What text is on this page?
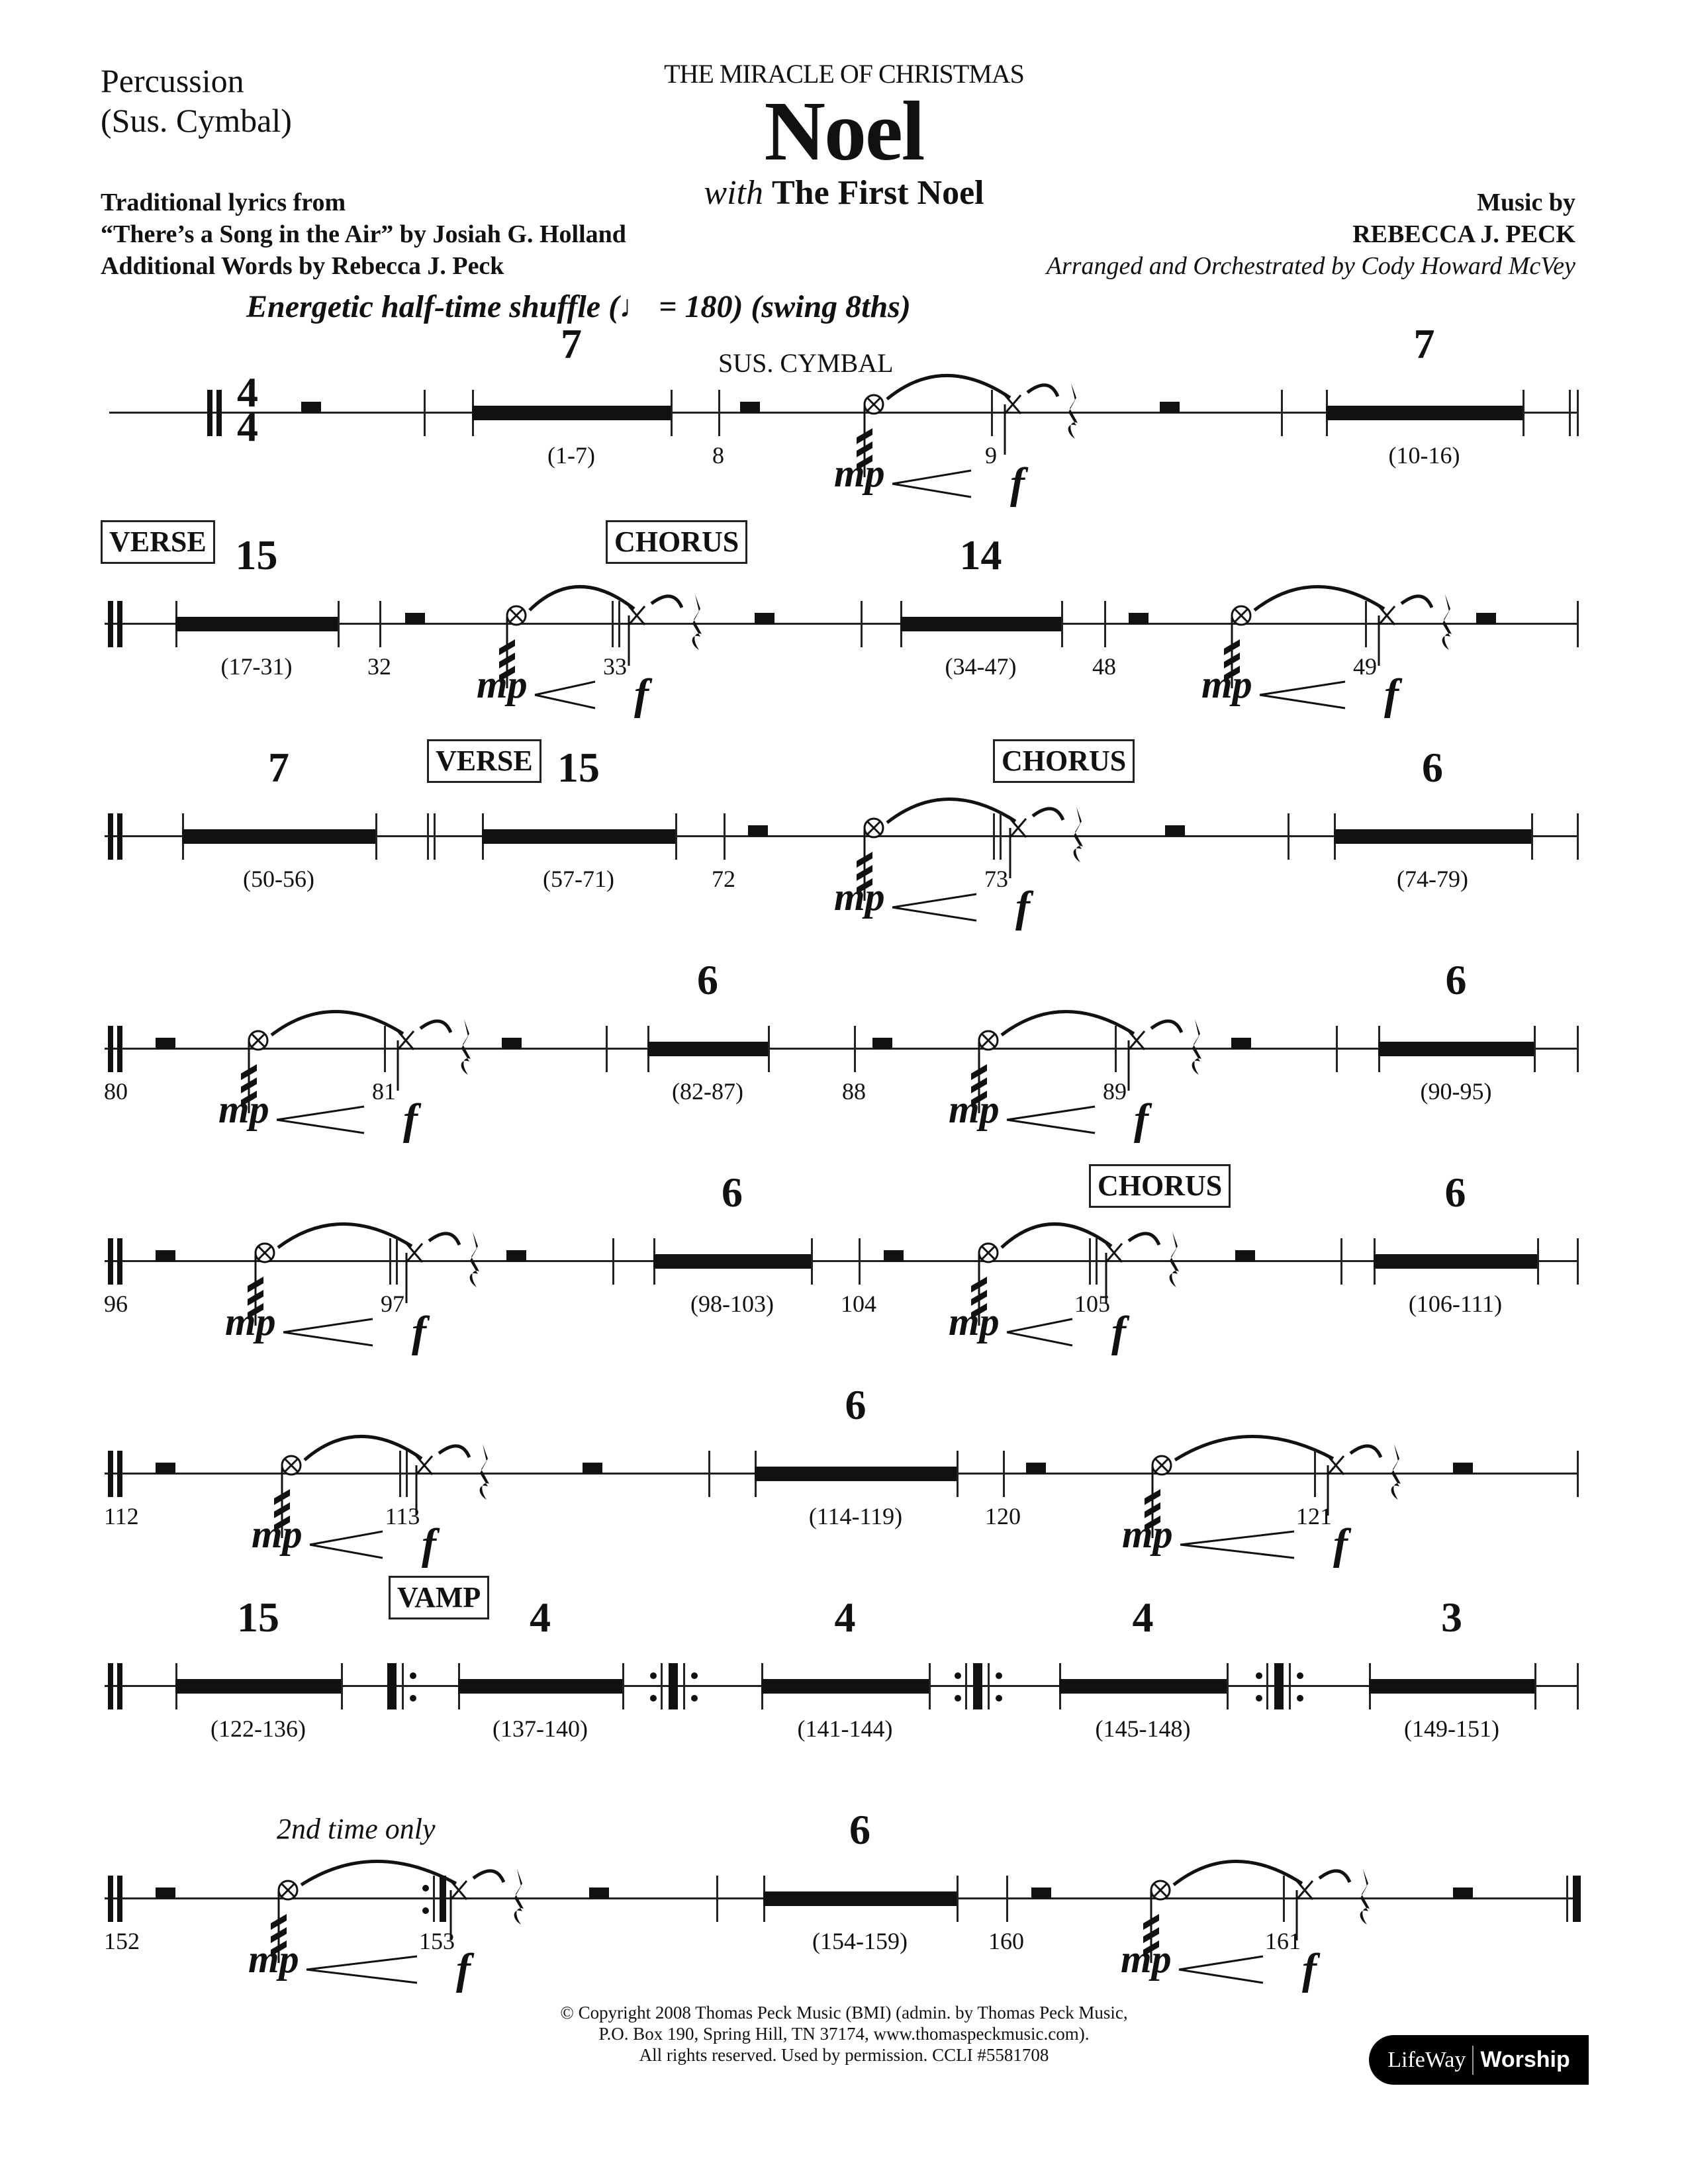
Percussion
(Sus. Cymbal)
THE MIRACLE OF CHRISTMAS
Noel
with The First Noel
Traditional lyrics from
“There’s a Song in the Air” by Josiah G. Holland
Additional Words by Rebecca J. Peck
Music by
REBECCA J. PECK
Arranged and Orchestrated by Cody Howard McVey
Energetic half-time shuffle (♩ = 180) (swing 8ths)
4
4
7
(1-7)	8
SUS. CYMBAL
9
mp	f
7
(10-16)
VERSE 15
(17-31)	32
CHORUS
33
mp f
14
(34-47)	48	49
mp	f
7
(50-56)
VERSE 15
(57-71)	72
CHORUS
73
mp	f
6
(74-79)
80	81
mp	f
6
(82-87)	88	89
mp	f
6
(90-95)
96	97
mp	f
6
(98-103)	104
CHORUS
105
mp	f
6
(106-111)
112	113
mp	f
6
(114-119)	120	121
mp	f
15
(122-136)
VAMP 4
(137-140)
4
(141-144)
4
(145-148)
3
(149-151)
152
2nd time only
153
mp	f
6
(154-159)	160	161
mp	f
© Copyright 2008 Thomas Peck Music (BMI) (admin. by Thomas Peck Music,
P.O. Box 190, Spring Hill, TN 37174, www.thomaspeckmusic.com).
All rights reserved. Used by permission. CCLI #5581708	LifeWay Worship
